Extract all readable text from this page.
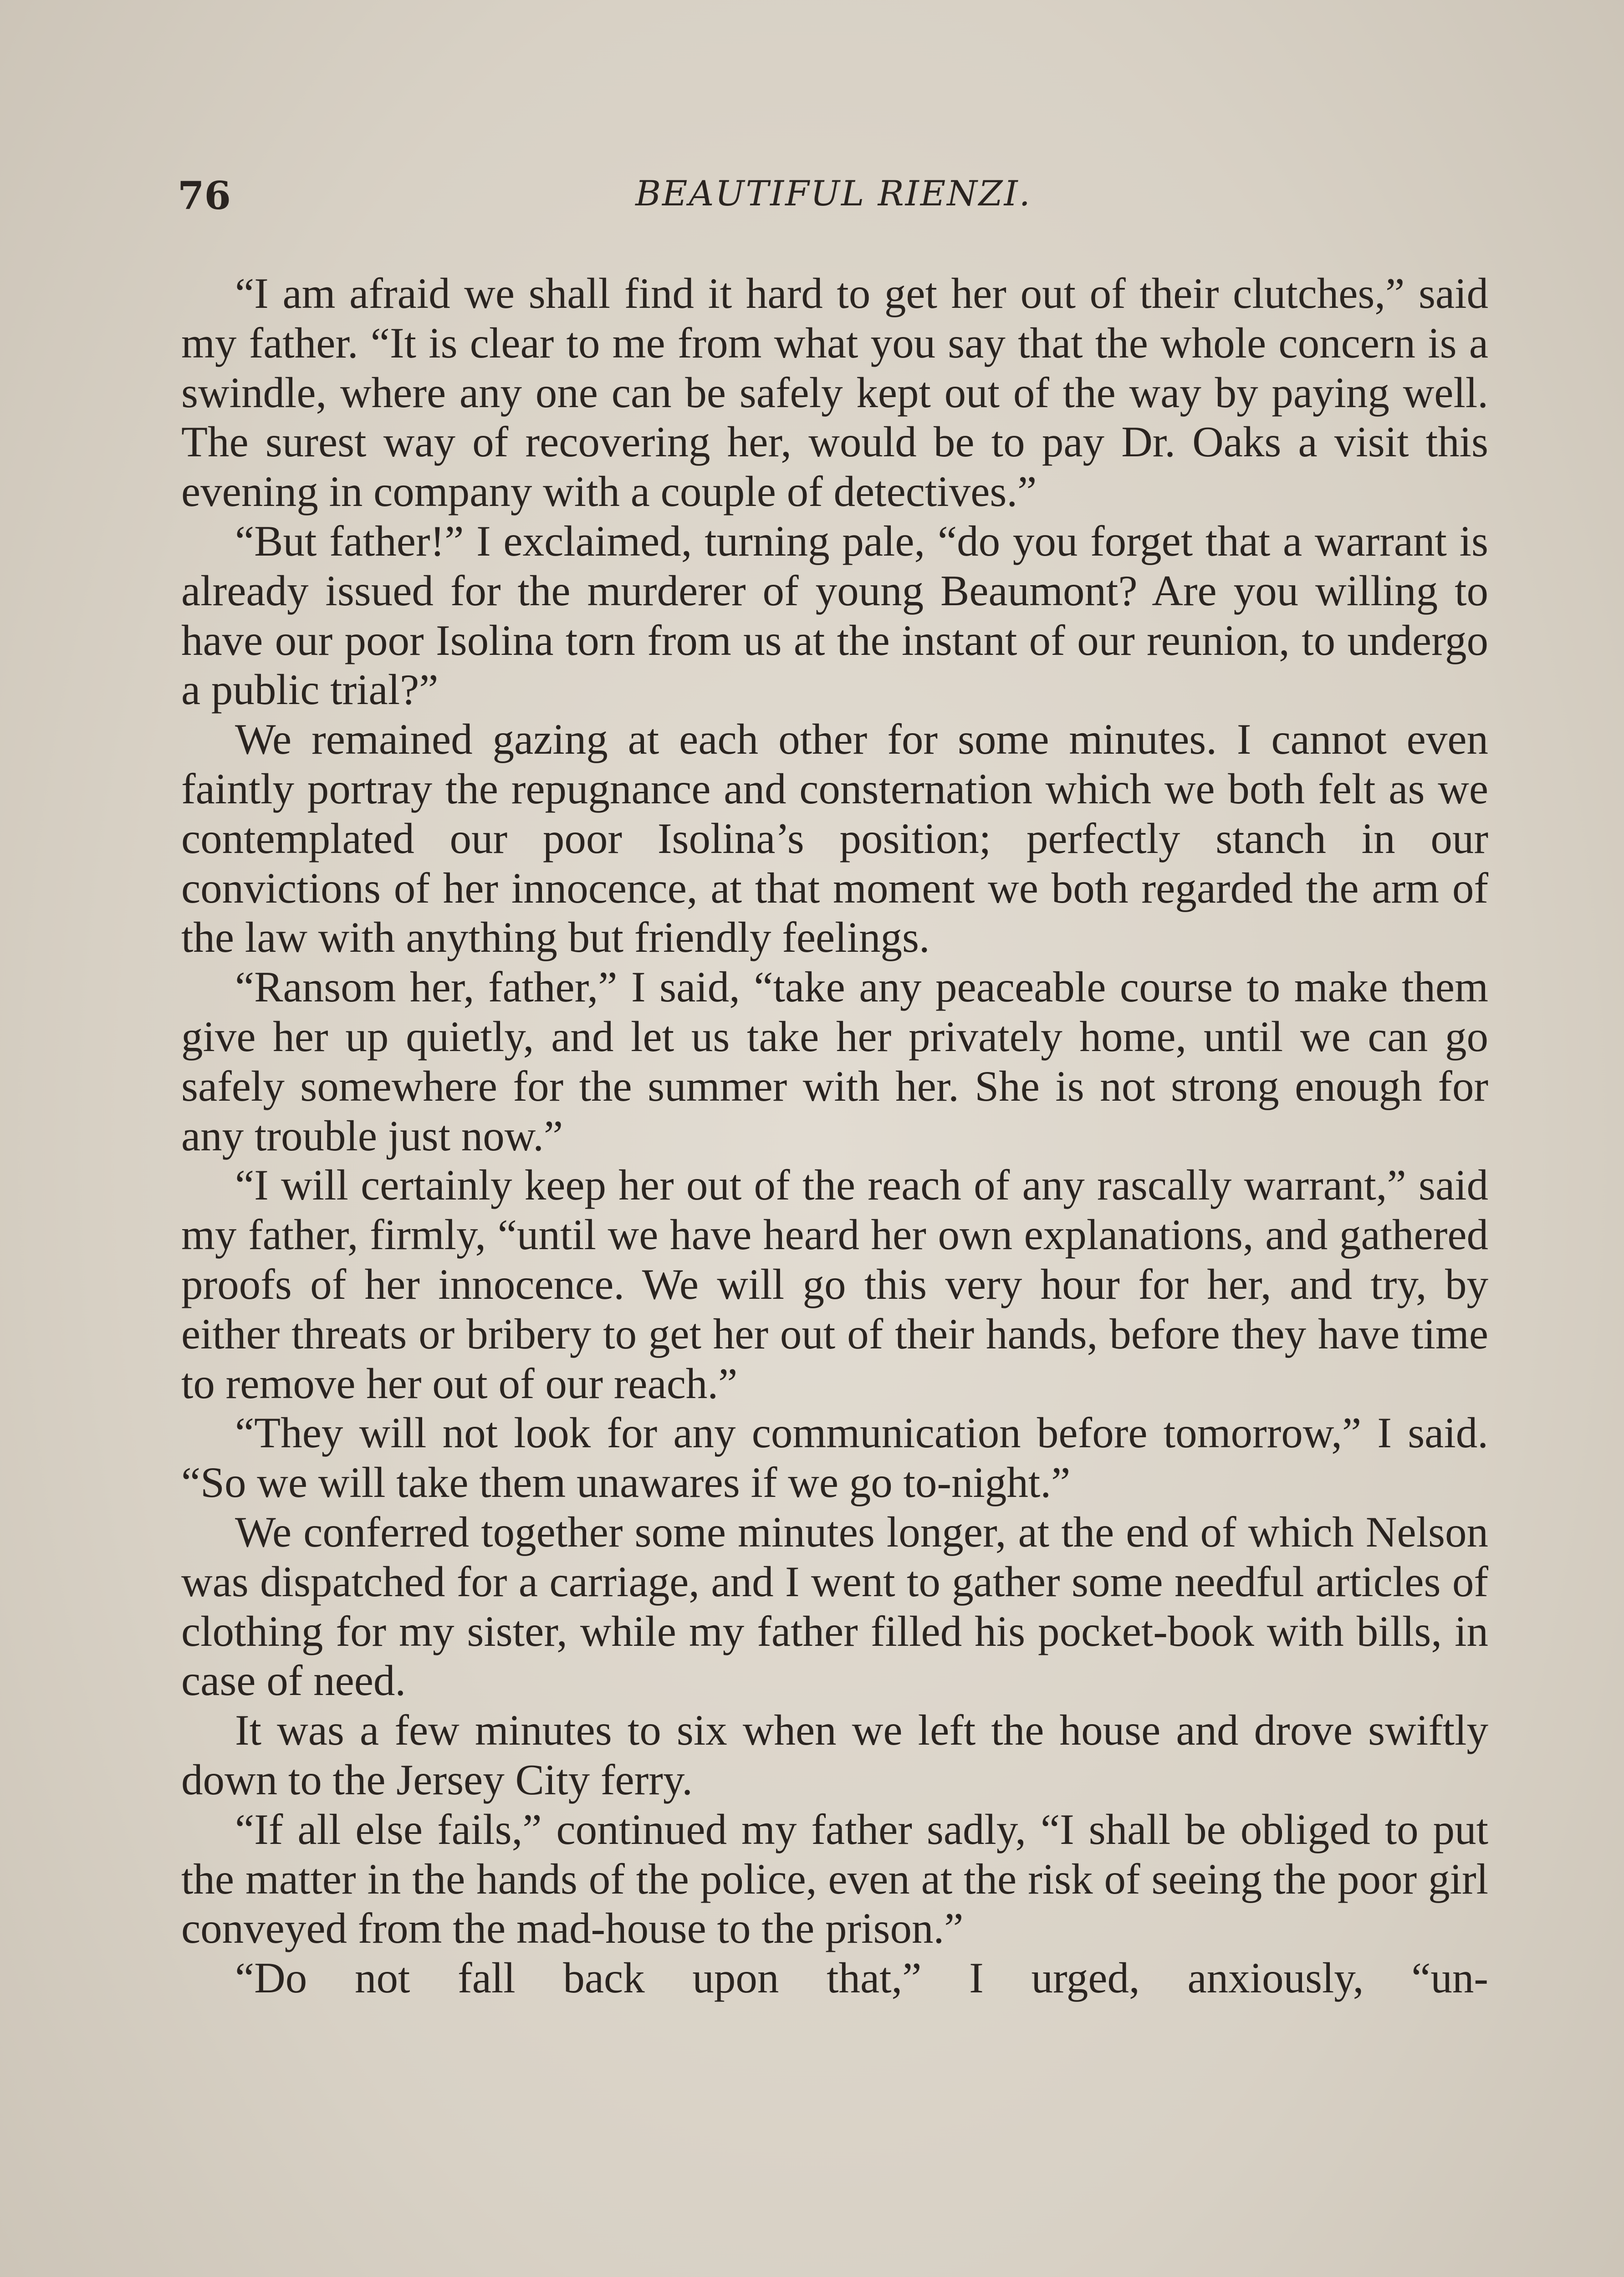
76	BEAUTIFUL RIENZI.

“I am afraid we shall find it hard to get her out of their clutches,” said my father. “It is clear to me from what you say that the whole concern is a swindle, where any one can be safely kept out of the way by paying well. The surest way of recovering her, would be to pay Dr. Oaks a visit this evening in company with a couple of detectives.”

“But father!” I exclaimed, turning pale, “do you forget that a warrant is already issued for the murderer of young Beaumont? Are you willing to have our poor Isolina torn from us at the instant of our reunion, to undergo a public trial?”

We remained gazing at each other for some minutes. I cannot even faintly portray the repugnance and consternation which we both felt as we contemplated our poor Isolina’s position; perfectly stanch in our convictions of her innocence, at that moment we both regarded the arm of the law with anything but friendly feelings.

“Ransom her, father,” I said, “take any peaceable course to make them give her up quietly, and let us take her privately home, until we can go safely somewhere for the summer with her. She is not strong enough for any trouble just now.”

“I will certainly keep her out of the reach of any rascally warrant,” said my father, firmly, “until we have heard her own explanations, and gathered proofs of her innocence. We will go this very hour for her, and try, by either threats or bribery to get her out of their hands, before they have time to remove her out of our reach.”

“They will not look for any communication before tomorrow,” I said. “So we will take them unawares if we go to-night.”

We conferred together some minutes longer, at the end of which Nelson was dispatched for a carriage, and I went to gather some needful articles of clothing for my sister, while my father filled his pocket-book with bills, in case of need.

It was a few minutes to six when we left the house and drove swiftly down to the Jersey City ferry.

“If all else fails,” continued my father sadly, “I shall be obliged to put the matter in the hands of the police, even at the risk of seeing the poor girl conveyed from the mad-house to the prison.”

“Do not fall back upon that,” I urged, anxiously, “un-
